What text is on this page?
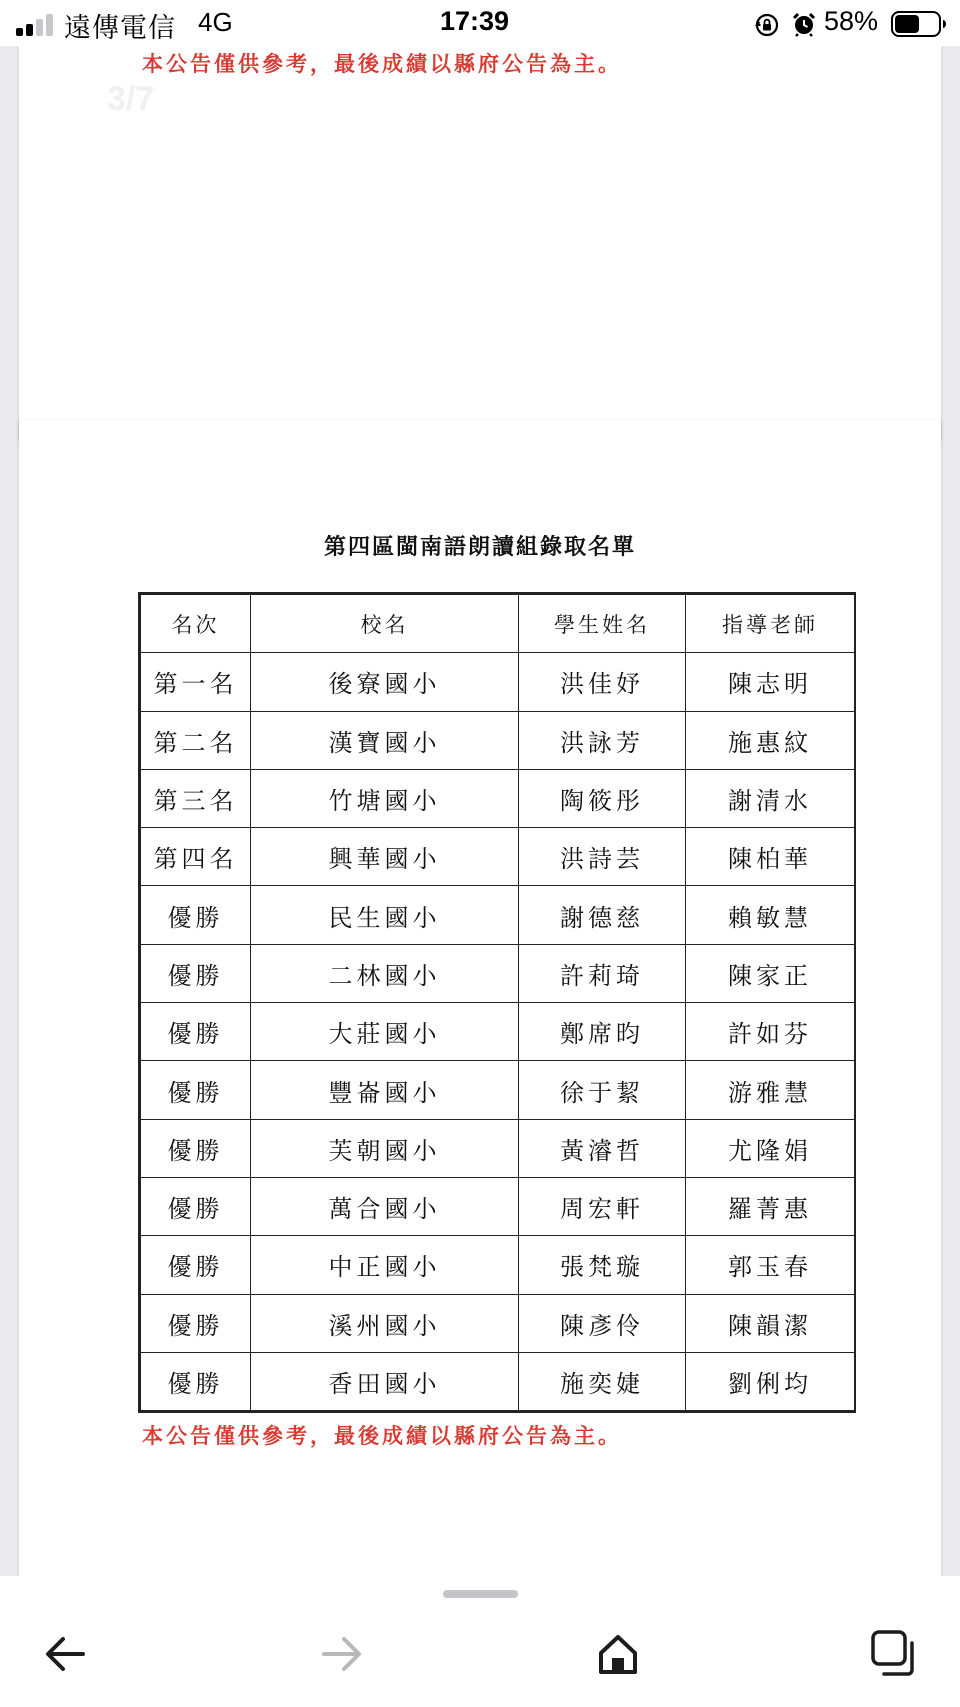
遠傳電信 4G	17:39	58%
本公告僅供參考，最後成績以縣府公告為主。
3/7
第四區閩南語朗讀組錄取名單
名次	校名	學生姓名	指導老師
第一名	後寮國小	洪佳妤	陳志明
第二名	漢寶國小	洪詠芳	施惠紋
第三名	竹塘國小	陶筱彤	謝清水
第四名	興華國小	洪詩芸	陳柏華
優勝	民生國小	謝德慈	賴敏慧
優勝	二林國小	許莉琦	陳家正
優勝	大莊國小	鄭席昀	許如芬
優勝	豐崙國小	徐于絜	游雅慧
優勝	芙朝國小	黃濬哲	尤隆娟
優勝	萬合國小	周宏軒	羅菁惠
優勝	中正國小	張梵璇	郭玉春
優勝	溪州國小	陳彥伶	陳韻潔
優勝	香田國小	施奕婕	劉俐均
本公告僅供參考，最後成績以縣府公告為主。
